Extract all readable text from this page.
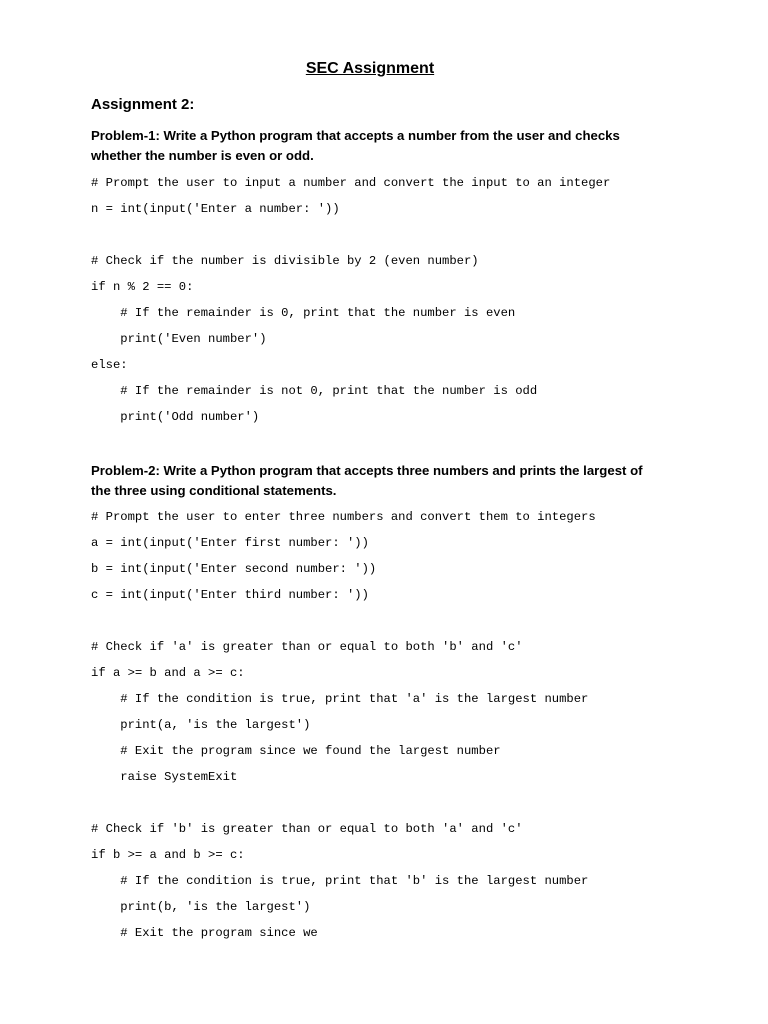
SEC Assignment
Assignment 2:
Problem-1: Write a Python program that accepts a number from the user and checks whether the number is even or odd.
# Prompt the user to input a number and convert the input to an integer
n = int(input('Enter a number: '))

# Check if the number is divisible by 2 (even number)
if n % 2 == 0:
# If the remainder is 0, print that the number is even
print('Even number')
else:
# If the remainder is not 0, print that the number is odd
print('Odd number')
Problem-2: Write a Python program that accepts three numbers and prints the largest of the three using conditional statements.
# Prompt the user to enter three numbers and convert them to integers
a = int(input('Enter first number: '))
b = int(input('Enter second number: '))
c = int(input('Enter third number: '))

# Check if 'a' is greater than or equal to both 'b' and 'c'
if a >= b and a >= c:
# If the condition is true, print that 'a' is the largest number
print(a, 'is the largest')
# Exit the program since we found the largest number
raise SystemExit

# Check if 'b' is greater than or equal to both 'a' and 'c'
if b >= a and b >= c:
# If the condition is true, print that 'b' is the largest number
print(b, 'is the largest')
# Exit the program since we
